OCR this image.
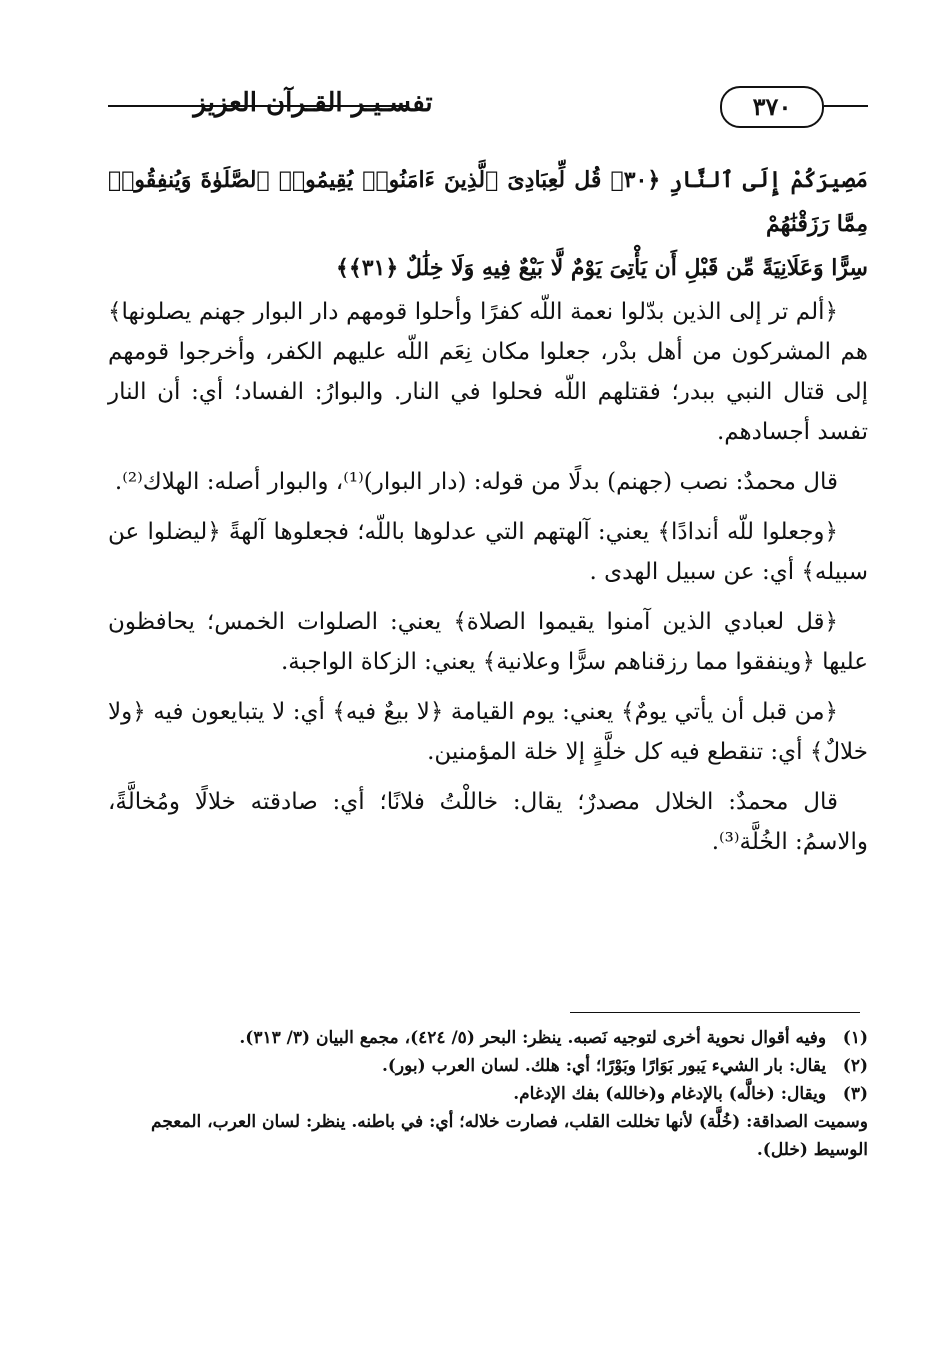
تفسـيـر القـرآن العزيز	٣٧٠
مَصِيرَكُمْ إِلَى ٱلنَّارِ ﴿٣٠﴾ قُل لِّعِبَادِىَ ٱلَّذِينَ ءَامَنُوا۟ يُقِيمُوا۟ ٱلصَّلَوٰةَ وَيُنفِقُوا۟ مِمَّا رَزَقْنَٰهُمْ
سِرًّا وَعَلَانِيَةً مِّن قَبْلِ أَن يَأْتِىَ يَوْمٌ لَّا بَيْعٌ فِيهِ وَلَا خِلَٰلٌ ﴿٣١﴾﴾

﴿ألم تر إلى الذين بدّلوا نعمة اللّه كفرًا وأحلوا قومهم دار البوار جهنم يصلونها﴾ هم المشركون من أهل بدْر، جعلوا مكان نِعَم اللّه عليهم الكفر، وأخرجوا قومهم إلى قتال النبي ببدر؛ فقتلهم اللّه فحلوا في النار. والبوارُ: الفساد؛ أي: أن النار تفسد أجسادهم.

قال محمدٌ: نصب (جهنم) بدلًا من قوله: (دار البوار)⁽¹⁾، والبوار أصله: الهلاك⁽²⁾.

﴿وجعلوا للّه أندادًا﴾ يعني: آلهتهم التي عدلوها باللّه؛ فجعلوها آلهةً ﴿ليضلوا عن سبيله﴾ أي: عن سبيل الهدى .

﴿قل لعبادي الذين آمنوا يقيموا الصلاة﴾ يعني: الصلوات الخمس؛ يحافظون عليها ﴿وينفقوا مما رزقناهم سرًّا وعلانية﴾ يعني: الزكاة الواجبة.

﴿من قبل أن يأتي يومٌ﴾ يعني: يوم القيامة ﴿لا بيعٌ فيه﴾ أي: لا يتبايعون فيه ﴿ولا خلالٌ﴾ أي: تنقطع فيه كل خلَّةٍ إلا خلة المؤمنين.

قال محمدٌ: الخلال مصدرٌ؛ يقال: خاللْتُ فلانًا؛ أي: صادقته خلالًا ومُخالَّةً، والاسمُ: الخُلَّة⁽³⁾.

(١) وفيه أقوال نحوية أخرى لتوجيه نَصبه. ينظر: البحر (٥/ ٤٢٤)، مجمع البيان (٣/ ٣١٣).

(٢) يقال: بار الشيء يَبور بَوَارًا وبَوْرًا؛ أي: هلك. لسان العرب (بور).

(٣) ويقال: (خالَّه) بالإدغام و(خالله) بفك الإدغام.

وسميت الصداقة: (خُلَّة) لأنها تخللت القلب، فصارت خلاله؛ أي: في باطنه. ينظر: لسان العرب، المعجم الوسيط (خلل).
